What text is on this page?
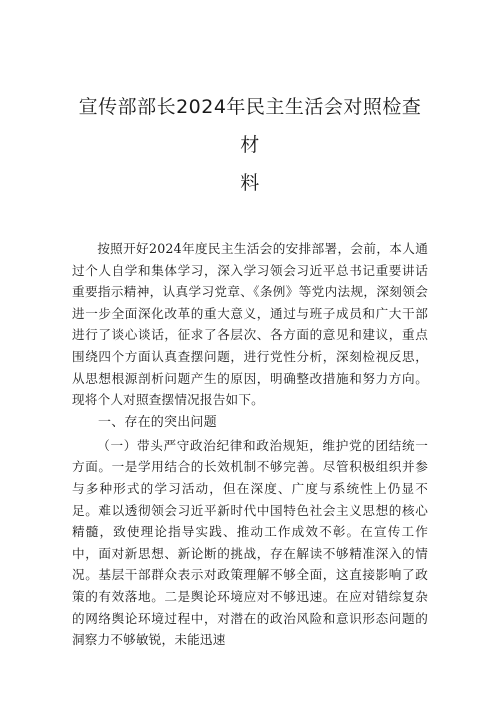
宣传部部长2024年民主生活会对照检查材
料

按照开好2024年度民主生活会的安排部署，会前，本人通过个人自学和集体学习，深入学习领会习近平总书记重要讲话重要指示精神，认真学习党章、《条例》等党内法规，深刻领会进一步全面深化改革的重大意义，通过与班子成员和广大干部进行了谈心谈话，征求了各层次、各方面的意见和建议，重点围绕四个方面认真查摆问题，进行党性分析，深刻检视反思，从思想根源剖析问题产生的原因，明确整改措施和努力方向。现将个人对照查摆情况报告如下。

一、存在的突出问题

（一）带头严守政治纪律和政治规矩，维护党的团结统一方面。一是学用结合的长效机制不够完善。尽管积极组织并参与多种形式的学习活动，但在深度、广度与系统性上仍显不足。难以透彻领会习近平新时代中国特色社会主义思想的核心精髓，致使理论指导实践、推动工作成效不彰。在宣传工作中，面对新思想、新论断的挑战，存在解读不够精准深入的情况。基层干部群众表示对政策理解不够全面，这直接影响了政策的有效落地。二是舆论环境应对不够迅速。在应对错综复杂的网络舆论环境过程中，对潜在的政治风险和意识形态问题的洞察力不够敏锐，未能迅速
